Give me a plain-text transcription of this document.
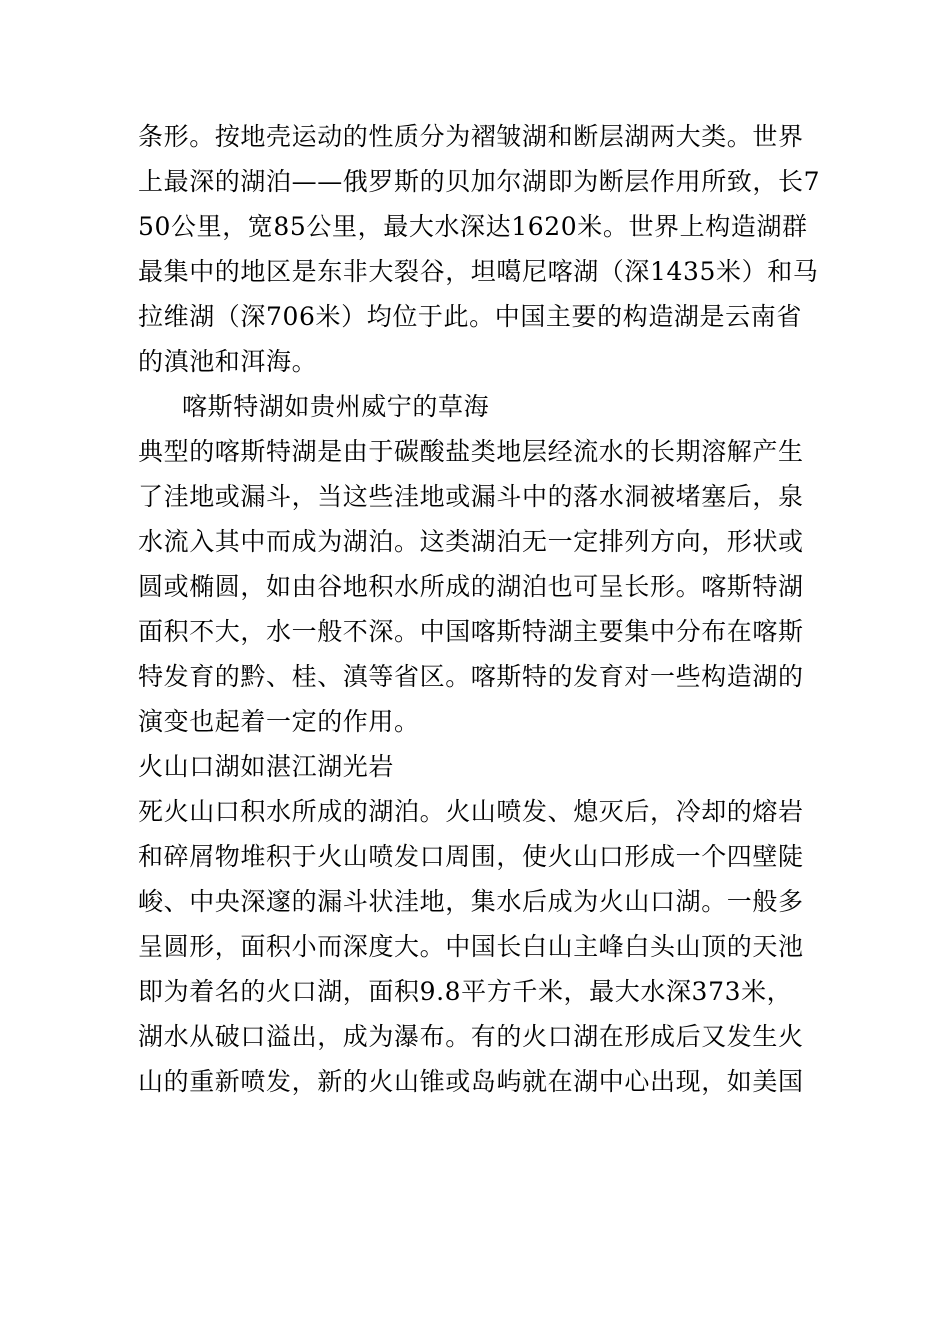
条形。按地壳运动的性质分为褶皱湖和断层湖两大类。世界
上最深的湖泊——俄罗斯的贝加尔湖即为断层作用所致，长7
50公里，宽85公里，最大水深达1620米。世界上构造湖群
最集中的地区是东非大裂谷，坦噶尼喀湖（深1435米）和马
拉维湖（深706米）均位于此。中国主要的构造湖是云南省
的滇池和洱海。
喀斯特湖如贵州威宁的草海
典型的喀斯特湖是由于碳酸盐类地层经流水的长期溶解产生
了洼地或漏斗，当这些洼地或漏斗中的落水洞被堵塞后，泉
水流入其中而成为湖泊。这类湖泊无一定排列方向，形状或
圆或椭圆，如由谷地积水所成的湖泊也可呈长形。喀斯特湖
面积不大，水一般不深。中国喀斯特湖主要集中分布在喀斯
特发育的黔、桂、滇等省区。喀斯特的发育对一些构造湖的
演变也起着一定的作用。
火山口湖如湛江湖光岩
死火山口积水所成的湖泊。火山喷发、熄灭后，冷却的熔岩
和碎屑物堆积于火山喷发口周围，使火山口形成一个四壁陡
峻、中央深邃的漏斗状洼地，集水后成为火山口湖。一般多
呈圆形，面积小而深度大。中国长白山主峰白头山顶的天池
即为着名的火口湖，面积9.8平方千米，最大水深373米，
湖水从破口溢出，成为瀑布。有的火口湖在形成后又发生火
山的重新喷发，新的火山锥或岛屿就在湖中心出现，如美国
